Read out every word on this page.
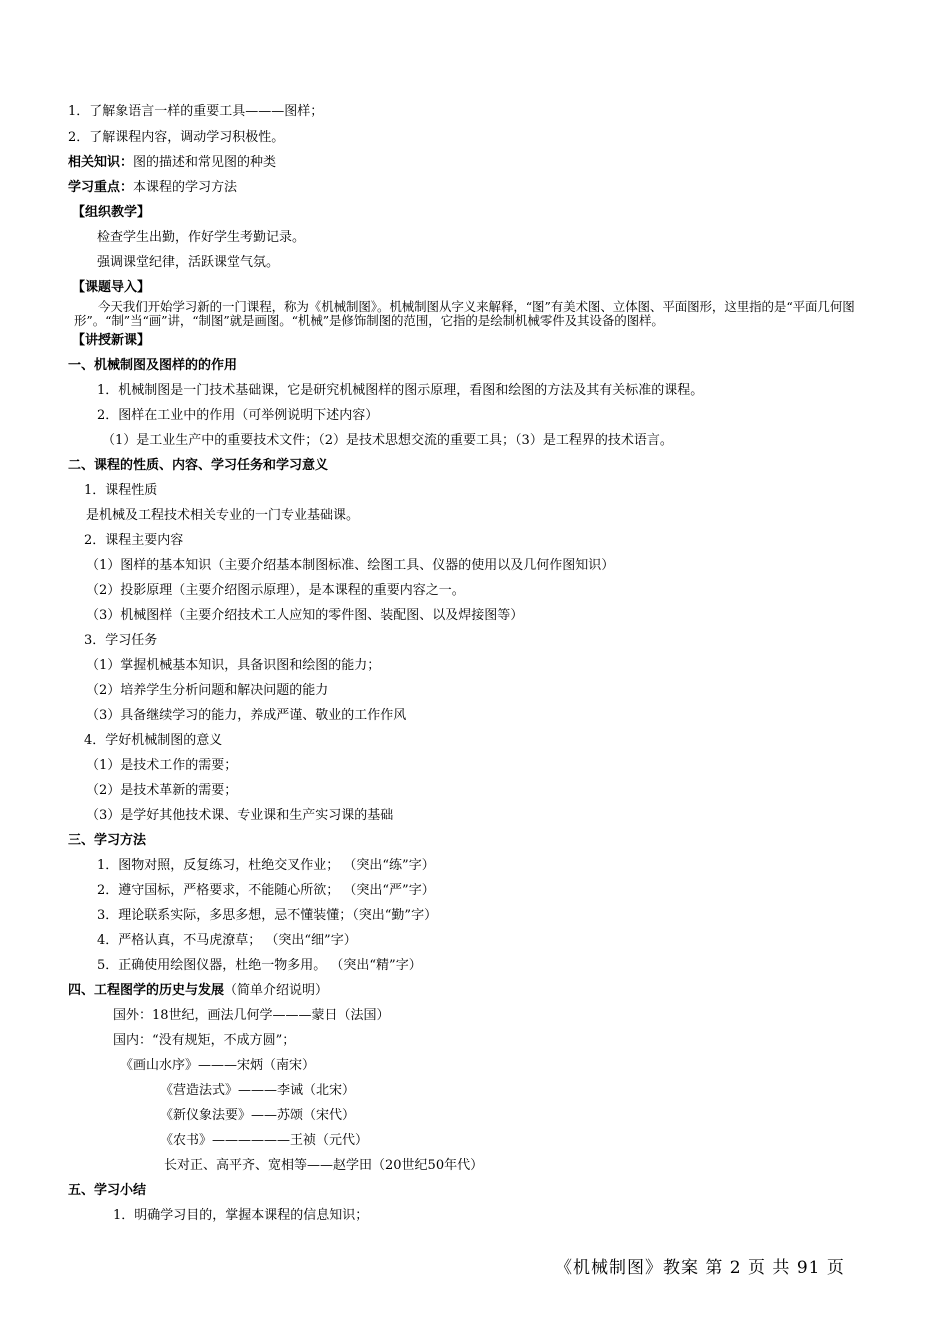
1．了解象语言一样的重要工具———图样；
2．了解课程内容，调动学习积极性。
相关知识：图的描述和常见图的种类
学习重点：本课程的学习方法
【组织教学】
检查学生出勤，作好学生考勤记录。
强调课堂纪律，活跃课堂气氛。
【课题导入】
【讲授新课】
一、机械制图及图样的的作用
1．机械制图是一门技术基础课，它是研究机械图样的图示原理，看图和绘图的方法及其有关标准的课程。
2．图样在工业中的作用（可举例说明下述内容）
（1）是工业生产中的重要技术文件；（2）是技术思想交流的重要工具；（3）是工程界的技术语言。
二、课程的性质、内容、学习任务和学习意义
1．课程性质
是机械及工程技术相关专业的一门专业基础课。
2．课程主要内容
（1）图样的基本知识（主要介绍基本制图标准、绘图工具、仪器的使用以及几何作图知识）
（2）投影原理（主要介绍图示原理），是本课程的重要内容之一。
（3）机械图样（主要介绍技术工人应知的零件图、装配图、以及焊接图等）
3．学习任务
（1）掌握机械基本知识，具备识图和绘图的能力；
（2）培养学生分析问题和解决问题的能力
（3）具备继续学习的能力，养成严谨、敬业的工作作风
4．学好机械制图的意义
（1）是技术工作的需要；
（2）是技术革新的需要；
（3）是学好其他技术课、专业课和生产实习课的基础
三、学习方法
1．图物对照，反复练习，杜绝交叉作业； （突出“练”字）
2．遵守国标，严格要求，不能随心所欲； （突出“严”字）
3．理论联系实际，多思多想，忌不懂装懂；（突出“勤”字）
4．严格认真，不马虎潦草； （突出“细”字）
5．正确使用绘图仪器，杜绝一物多用。 （突出“精”字）
四、工程图学的历史与发展（简单介绍说明）
国外：18世纪，画法几何学———蒙日（法国）
国内：“没有规矩，不成方圆”；
《画山水序》———宋炳（南宋）
《营造法式》———李诫（北宋）
《新仪象法要》——苏颂（宋代）
《农书》——————王祯（元代）
长对正、高平齐、宽相等——赵学田（20世纪50年代）
五、学习小结
1．明确学习目的，掌握本课程的信息知识；
今天我们开始学习新的一门课程，称为《机械制图》。机械制图从字义来解释，“图”有美术图、立体图、平面图形，这里指的是“平面几何图形”。“制”当“画”讲，“制图”就是画图。“机械”是修饰制图的范围，它指的是绘制机械零件及其设备的图样。
《机械制图》教案 第 2 页 共 91 页
